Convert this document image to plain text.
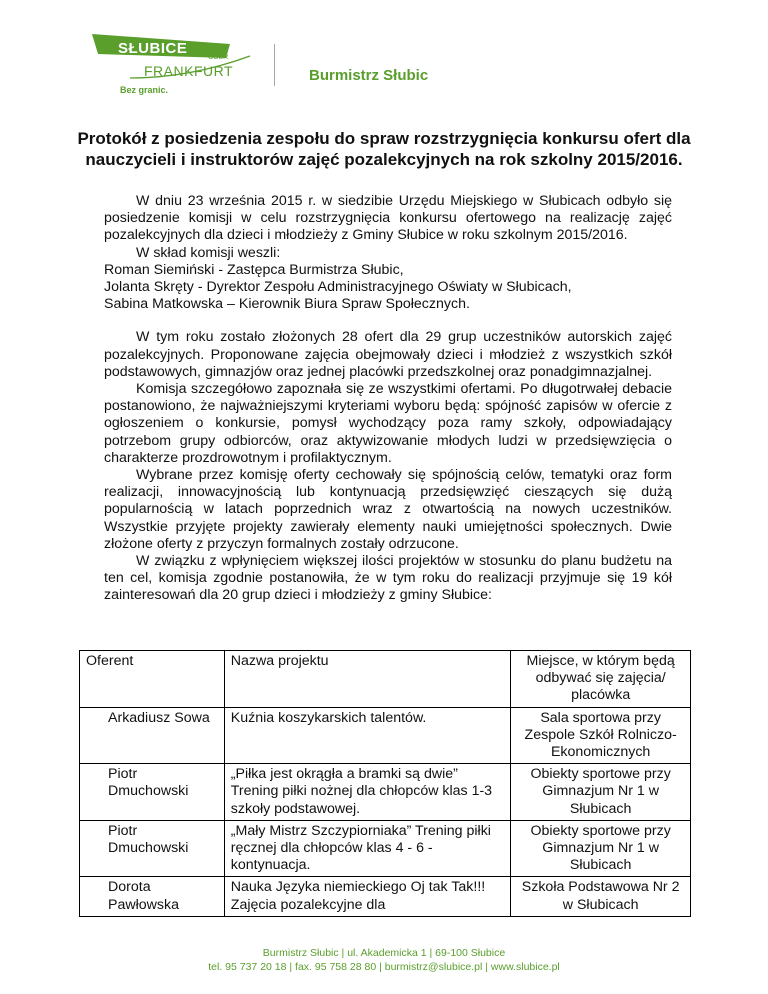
SŁUBICE
ODER
FRANKFURT
Bez granic.
Burmistrz Słubic
Protokół z posiedzenia zespołu do spraw rozstrzygnięcia konkursu ofert dla nauczycieli i instruktorów zajęć pozalekcyjnych na rok szkolny 2015/2016.

W dniu 23 września 2015 r. w siedzibie Urzędu Miejskiego w Słubicach odbyło się posiedzenie komisji w celu rozstrzygnięcia konkursu ofertowego na realizację zajęć pozalekcyjnych dla dzieci i młodzieży z Gminy Słubice w roku szkolnym 2015/2016.

W skład komisji weszli:

Roman Siemiński - Zastępca Burmistrza Słubic,

Jolanta Skręty - Dyrektor Zespołu Administracyjnego Oświaty w Słubicach,

Sabina Matkowska – Kierownik Biura Spraw Społecznych.

W tym roku zostało złożonych 28 ofert dla 29 grup uczestników autorskich zajęć pozalekcyjnych. Proponowane zajęcia obejmowały dzieci i młodzież z wszystkich szkół podstawowych, gimnazjów oraz jednej placówki przedszkolnej oraz ponadgimnazjalnej.

Komisja szczegółowo zapoznała się ze wszystkimi ofertami. Po długotrwałej debacie postanowiono, że najważniejszymi kryteriami wyboru będą: spójność zapisów w ofercie z ogłoszeniem o konkursie, pomysł wychodzący poza ramy szkoły, odpowiadający potrzebom grupy odbiorców, oraz aktywizowanie młodych ludzi w przedsięwzięcia o charakterze prozdrowotnym i profilaktycznym.

Wybrane przez komisję oferty cechowały się spójnością celów, tematyki oraz form realizacji, innowacyjnością lub kontynuacją przedsięwzięć cieszących się dużą popularnością w latach poprzednich wraz z otwartością na nowych uczestników. Wszystkie przyjęte projekty zawierały elementy nauki umiejętności społecznych. Dwie złożone oferty z przyczyn formalnych zostały odrzucone.

W związku z wpłynięciem większej ilości projektów w stosunku do planu budżetu na ten cel, komisja zgodnie postanowiła, że w tym roku do realizacji przyjmuje się 19 kół zainteresowań dla 20 grup dzieci i młodzieży z gminy Słubice:

Oferent	Nazwa projektu	Miejsce, w którym będą odbywać się zajęcia/ placówka

Arkadiusz Sowa	Kuźnia koszykarskich talentów.	Sala sportowa przy Zespole Szkół Rolniczo-Ekonomicznych

Piotr Dmuchowski	„Piłka jest okrągła a bramki są dwie” Trening piłki nożnej dla chłopców klas 1-3 szkoły podstawowej.	Obiekty sportowe przy Gimnazjum Nr 1 w Słubicach

Piotr Dmuchowski	„Mały Mistrz Szczypiorniaka” Trening piłki ręcznej dla chłopców klas 4 - 6 - kontynuacja.	Obiekty sportowe przy Gimnazjum Nr 1 w Słubicach

Dorota Pawłowska	Nauka Języka niemieckiego Oj tak Tak!!! Zajęcia pozalekcyjne dla	Szkoła Podstawowa Nr 2 w Słubicach
Burmistrz Słubic | ul. Akademicka 1 | 69-100 Słubice
tel. 95 737 20 18 | fax. 95 758 28 80 | burmistrz@slubice.pl | www.slubice.pl
